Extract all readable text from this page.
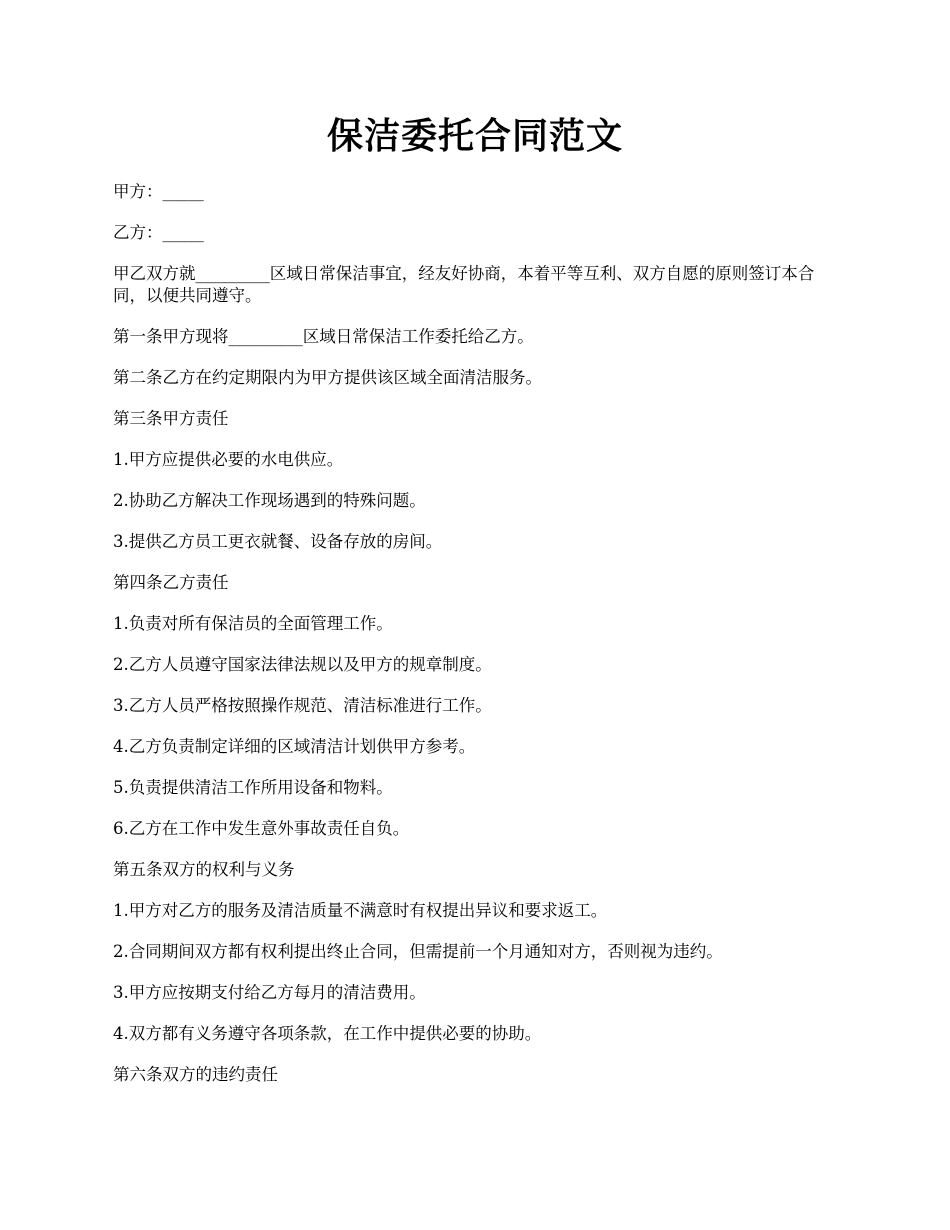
保洁委托合同范文

甲方：_____

乙方：_____

甲乙双方就_________区域日常保洁事宜，经友好协商，本着平等互利、双方自愿的原则签订本合同，以便共同遵守。

第一条甲方现将_________区域日常保洁工作委托给乙方。

第二条乙方在约定期限内为甲方提供该区域全面清洁服务。

第三条甲方责任

1.甲方应提供必要的水电供应。

2.协助乙方解决工作现场遇到的特殊问题。

3.提供乙方员工更衣就餐、设备存放的房间。

第四条乙方责任

1.负责对所有保洁员的全面管理工作。

2.乙方人员遵守国家法律法规以及甲方的规章制度。

3.乙方人员严格按照操作规范、清洁标准进行工作。

4.乙方负责制定详细的区域清洁计划供甲方参考。

5.负责提供清洁工作所用设备和物料。

6.乙方在工作中发生意外事故责任自负。

第五条双方的权利与义务

1.甲方对乙方的服务及清洁质量不满意时有权提出异议和要求返工。

2.合同期间双方都有权利提出终止合同，但需提前一个月通知对方，否则视为违约。

3.甲方应按期支付给乙方每月的清洁费用。

4.双方都有义务遵守各项条款，在工作中提供必要的协助。

第六条双方的违约责任
